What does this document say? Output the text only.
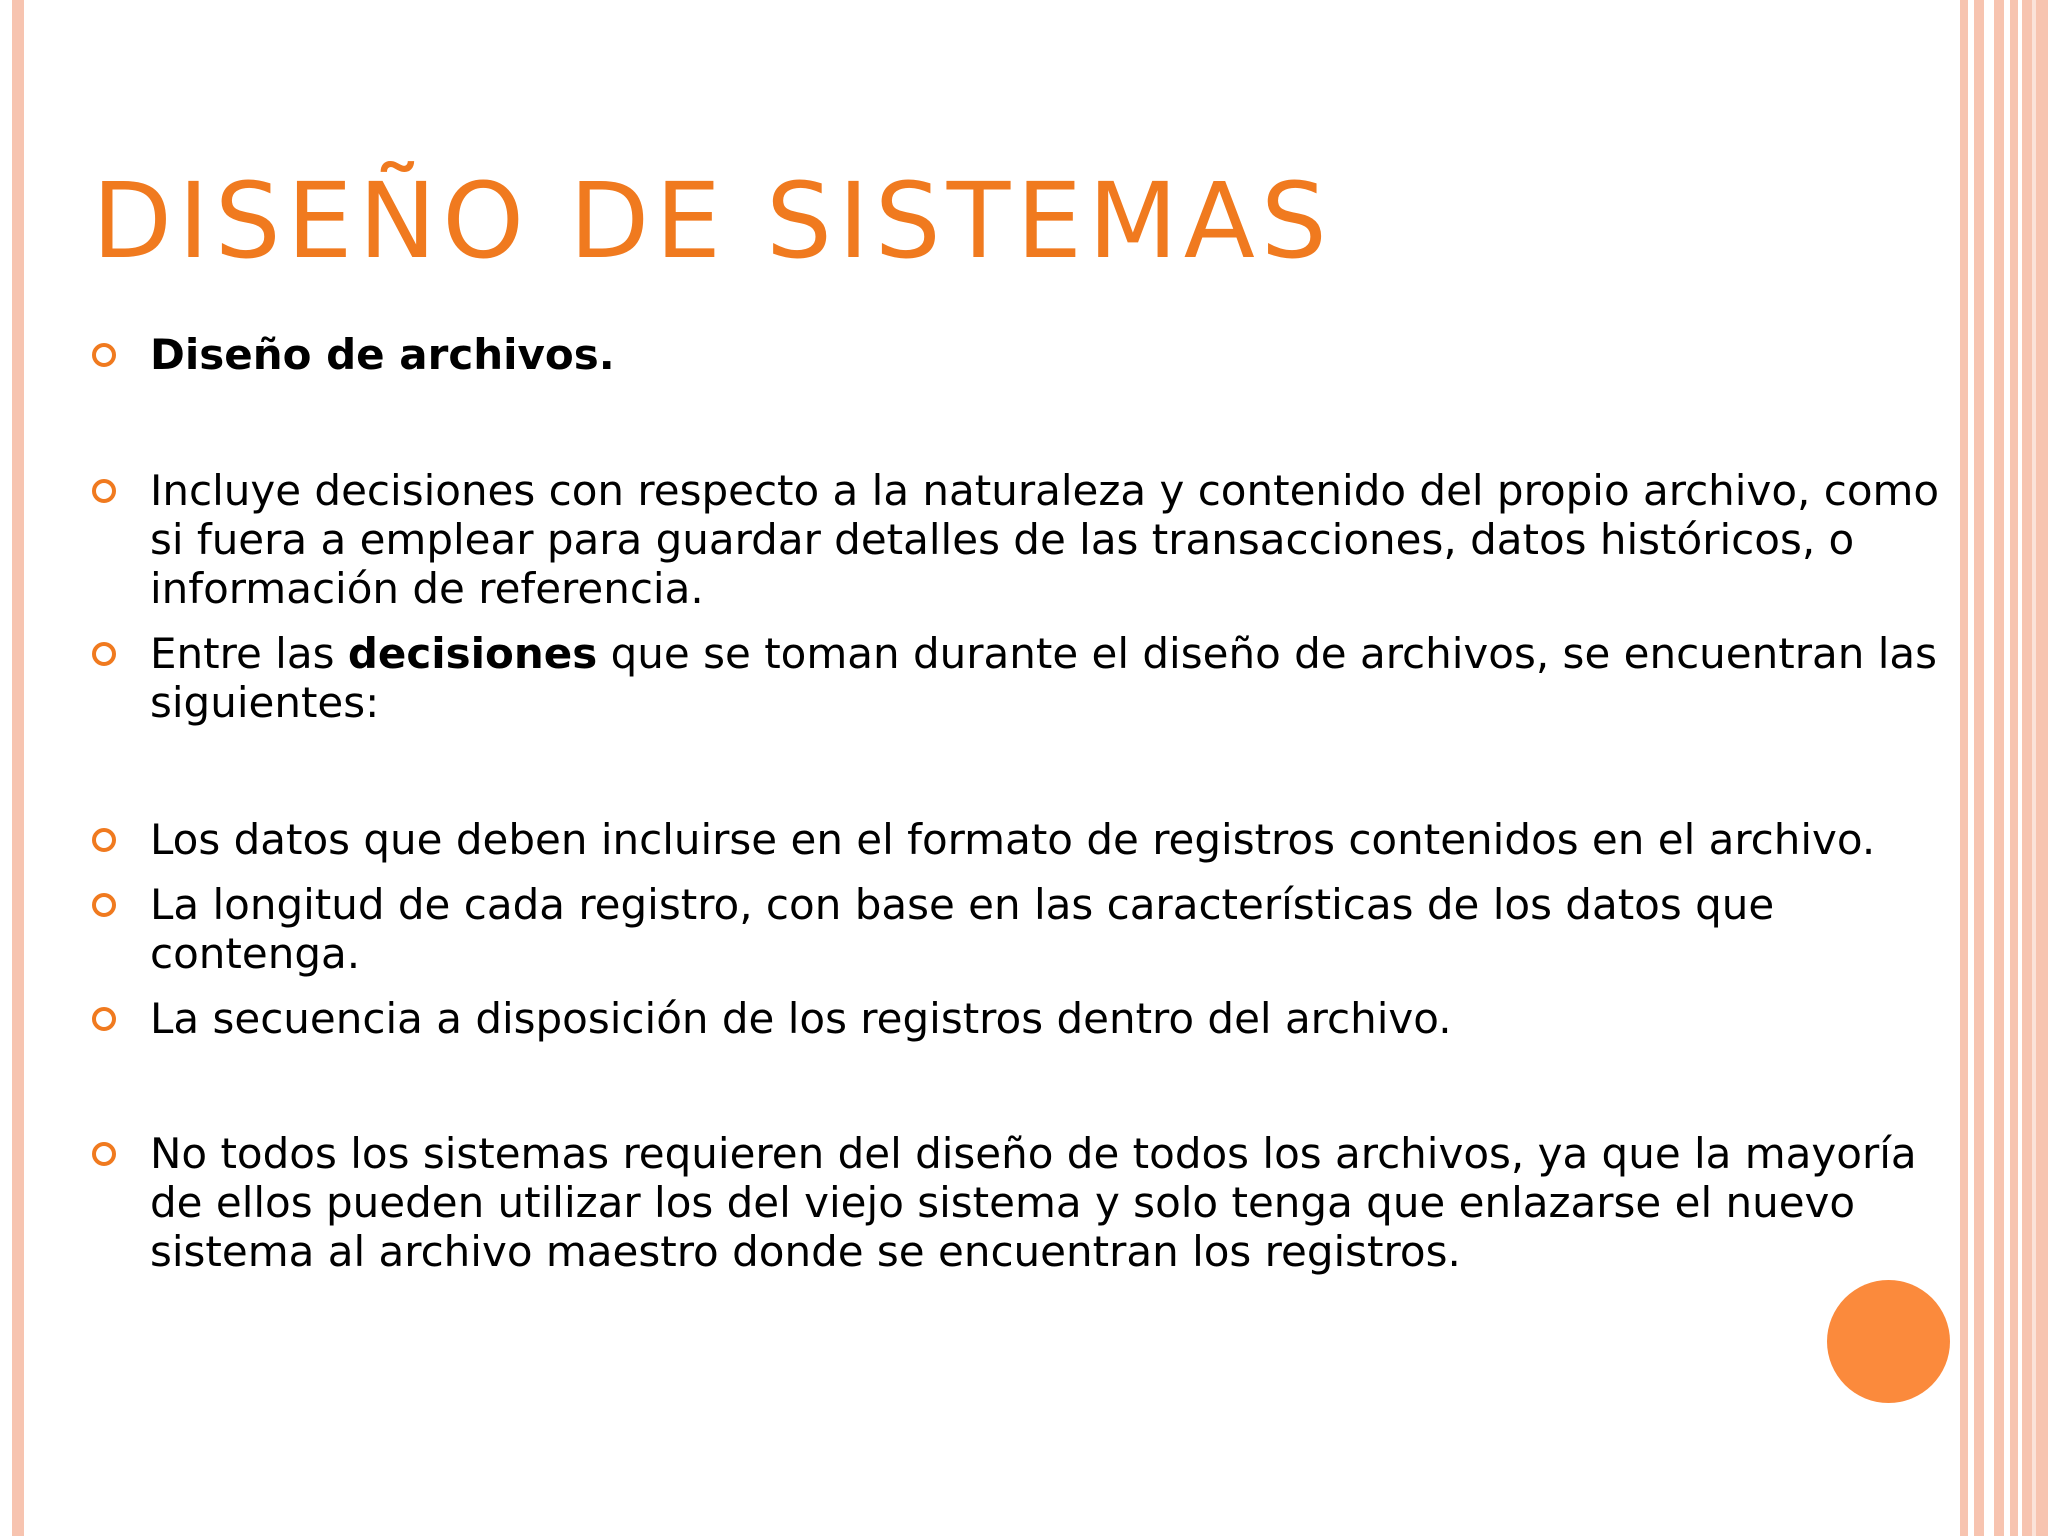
DISEÑO DE SISTEMAS
Diseño de archivos.
Incluye decisiones con respecto a la naturaleza y contenido del propio archivo, como si fuera a emplear para guardar detalles de las transacciones, datos históricos, o información de referencia.
Entre las decisiones que se toman durante el diseño de archivos, se encuentran las siguientes:
Los datos que deben incluirse en el formato de registros contenidos en el archivo.
La longitud de cada registro, con base en las características de los datos que contenga.
La secuencia a disposición de los registros dentro del archivo.
No todos los sistemas requieren del diseño de todos los archivos, ya que la mayoría de ellos pueden utilizar los del viejo sistema y solo tenga que enlazarse el nuevo sistema al archivo maestro donde se encuentran los registros.
